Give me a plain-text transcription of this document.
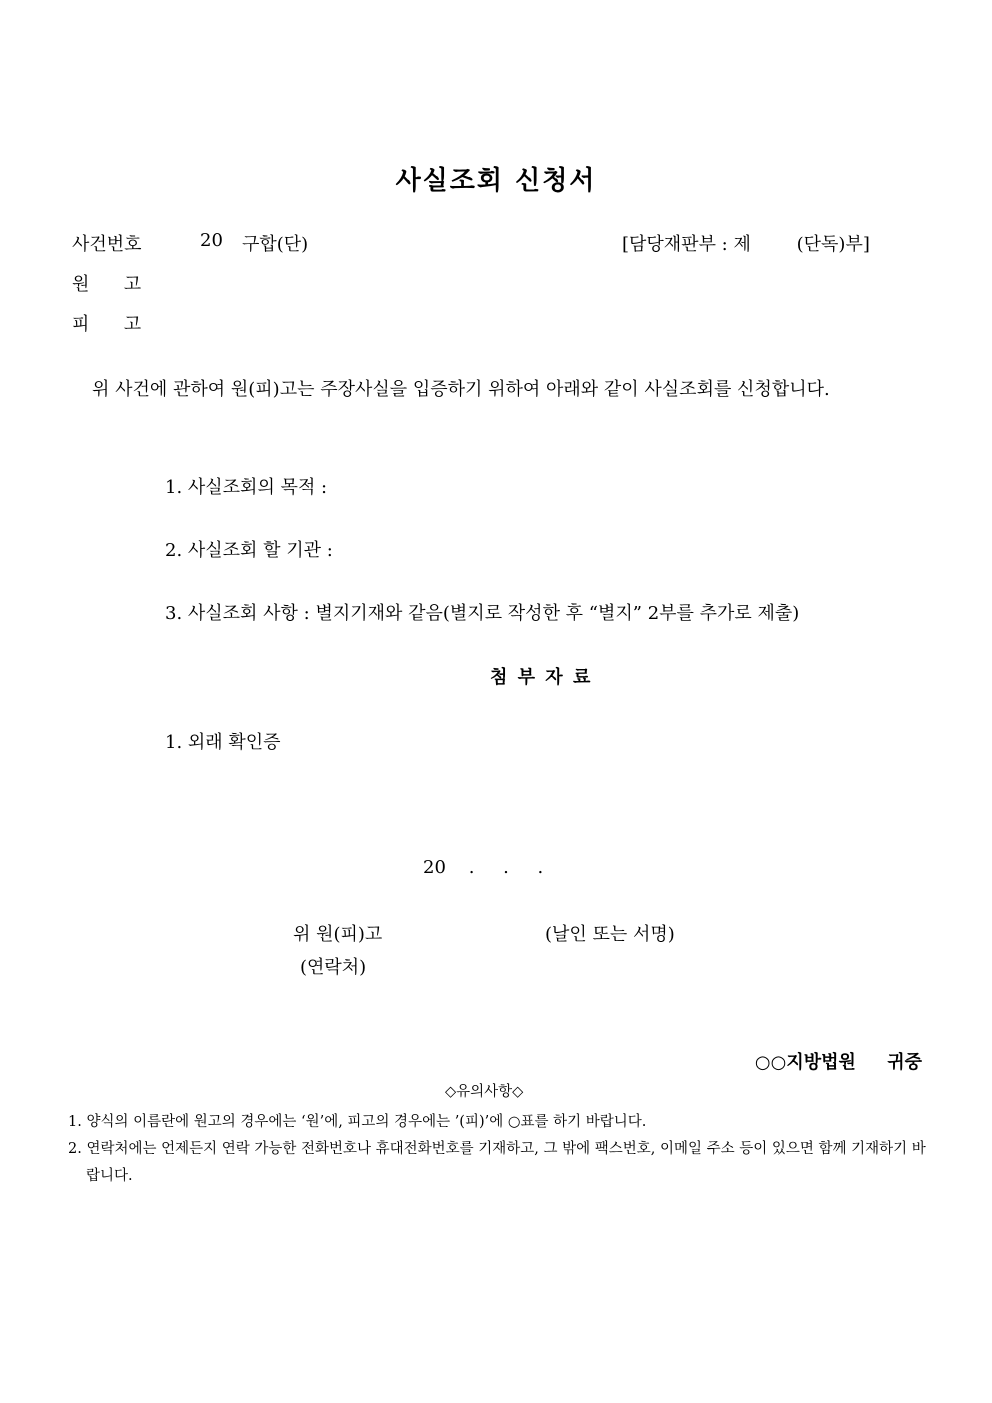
사실조회 신청서
사건번호	20 구합(단)	[담당재판부 : 제        (단독)부]
원      고
피      고
위 사건에 관하여 원(피)고는 주장사실을 입증하기 위하여 아래와 같이 사실조회를 신청합니다.
1. 사실조회의 목적 :
2. 사실조회 할 기관 :
3. 사실조회 사항 : 별지기재와 같음(별지로 작성한 후 “별지” 2부를 추가로 제출)
첨 부 자 료
1. 외래 확인증
20    .     .     .
위 원(피)고	(날인 또는 서명)
(연락처)
○○지방법원     귀중
◇유의사항◇
1. 양식의 이름란에 원고의 경우에는 ‘원’에, 피고의 경우에는 ’(피)’에 ○표를 하기 바랍니다.
2. 연락처에는 언제든지 연락 가능한 전화번호나 휴대전화번호를 기재하고, 그 밖에 팩스번호, 이메일 주소 등이 있으면 함께 기재하기 바랍니다.
